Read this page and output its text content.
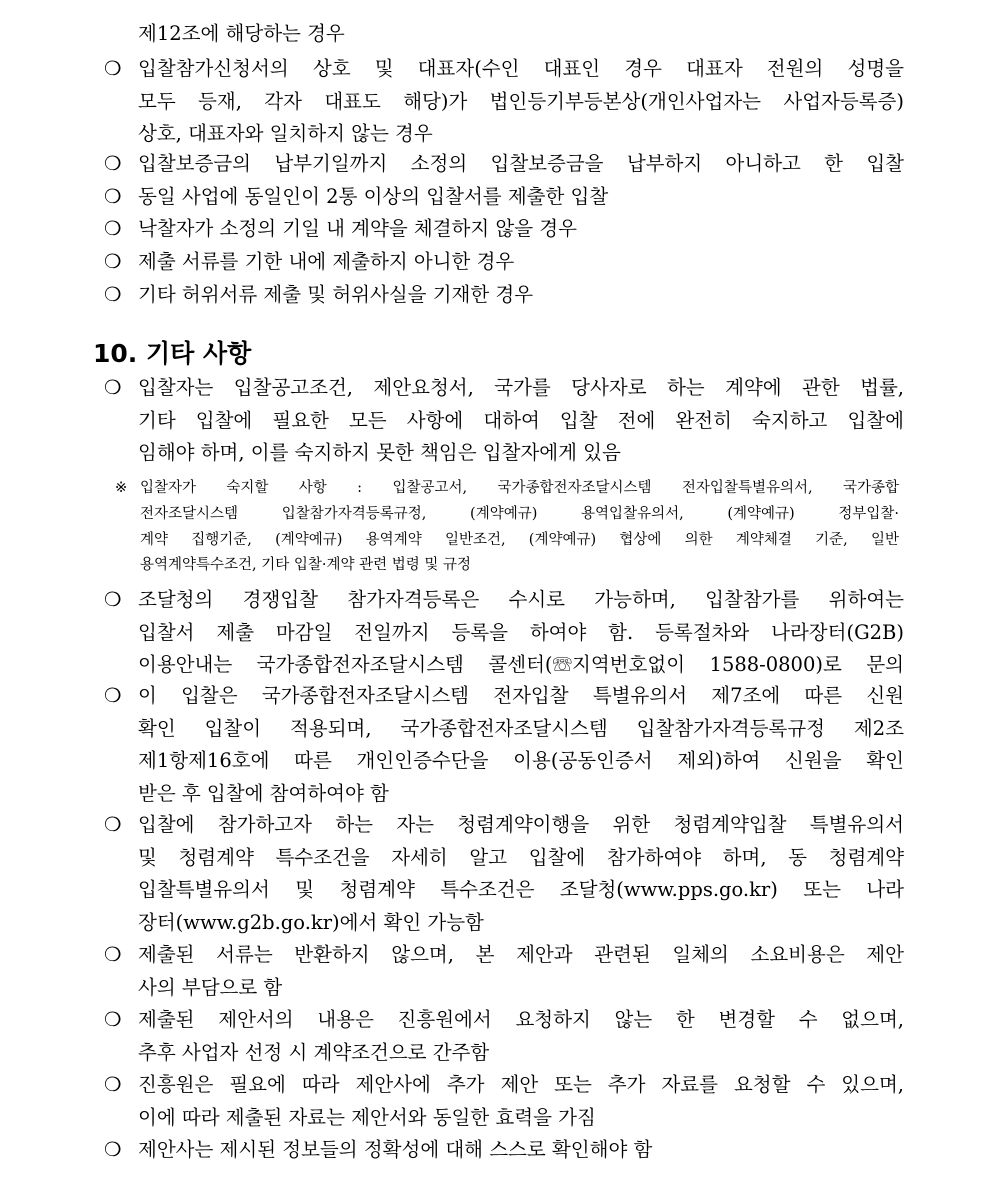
제12조에 해당하는 경우
❍ 입찰참가신청서의 상호 및 대표자(수인 대표인 경우 대표자 전원의 성명을
모두 등재, 각자 대표도 해당)가 법인등기부등본상(개인사업자는 사업자등록증)
상호, 대표자와 일치하지 않는 경우
❍ 입찰보증금의 납부기일까지 소정의 입찰보증금을 납부하지 아니하고 한 입찰
❍ 동일 사업에 동일인이 2통 이상의 입찰서를 제출한 입찰
❍ 낙찰자가 소정의 기일 내 계약을 체결하지 않을 경우
❍ 제출 서류를 기한 내에 제출하지 아니한 경우
❍ 기타 허위서류 제출 및 허위사실을 기재한 경우
10. 기타 사항
❍ 입찰자는 입찰공고조건, 제안요청서, 국가를 당사자로 하는 계약에 관한 법률,
기타 입찰에 필요한 모든 사항에 대하여 입찰 전에 완전히 숙지하고 입찰에
임해야 하며, 이를 숙지하지 못한 책임은 입찰자에게 있음
※ 입찰자가 숙지할 사항 : 입찰공고서, 국가종합전자조달시스템 전자입찰특별유의서, 국가종합
전자조달시스템 입찰참가자격등록규정, (계약예규) 용역입찰유의서, (계약예규) 정부입찰·
계약 집행기준, (계약예규) 용역계약 일반조건, (계약예규) 협상에 의한 계약체결 기준, 일반
용역계약특수조건, 기타 입찰·계약 관련 법령 및 규정
❍ 조달청의 경쟁입찰 참가자격등록은 수시로 가능하며, 입찰참가를 위하여는
입찰서 제출 마감일 전일까지 등록을 하여야 함. 등록절차와 나라장터(G2B)
이용안내는 국가종합전자조달시스템 콜센터(☏지역번호없이 1588-0800)로 문의
❍ 이 입찰은 국가종합전자조달시스템 전자입찰 특별유의서 제7조에 따른 신원
확인 입찰이 적용되며, 국가종합전자조달시스템 입찰참가자격등록규정 제2조
제1항제16호에 따른 개인인증수단을 이용(공동인증서 제외)하여 신원을 확인
받은 후 입찰에 참여하여야 함
❍ 입찰에 참가하고자 하는 자는 청렴계약이행을 위한 청렴계약입찰 특별유의서
및 청렴계약 특수조건을 자세히 알고 입찰에 참가하여야 하며, 동 청렴계약
입찰특별유의서 및 청렴계약 특수조건은 조달청(www.pps.go.kr) 또는 나라
장터(www.g2b.go.kr)에서 확인 가능함
❍ 제출된 서류는 반환하지 않으며, 본 제안과 관련된 일체의 소요비용은 제안
사의 부담으로 함
❍ 제출된 제안서의 내용은 진흥원에서 요청하지 않는 한 변경할 수 없으며,
추후 사업자 선정 시 계약조건으로 간주함
❍ 진흥원은 필요에 따라 제안사에 추가 제안 또는 추가 자료를 요청할 수 있으며,
이에 따라 제출된 자료는 제안서와 동일한 효력을 가짐
❍ 제안사는 제시된 정보들의 정확성에 대해 스스로 확인해야 함
